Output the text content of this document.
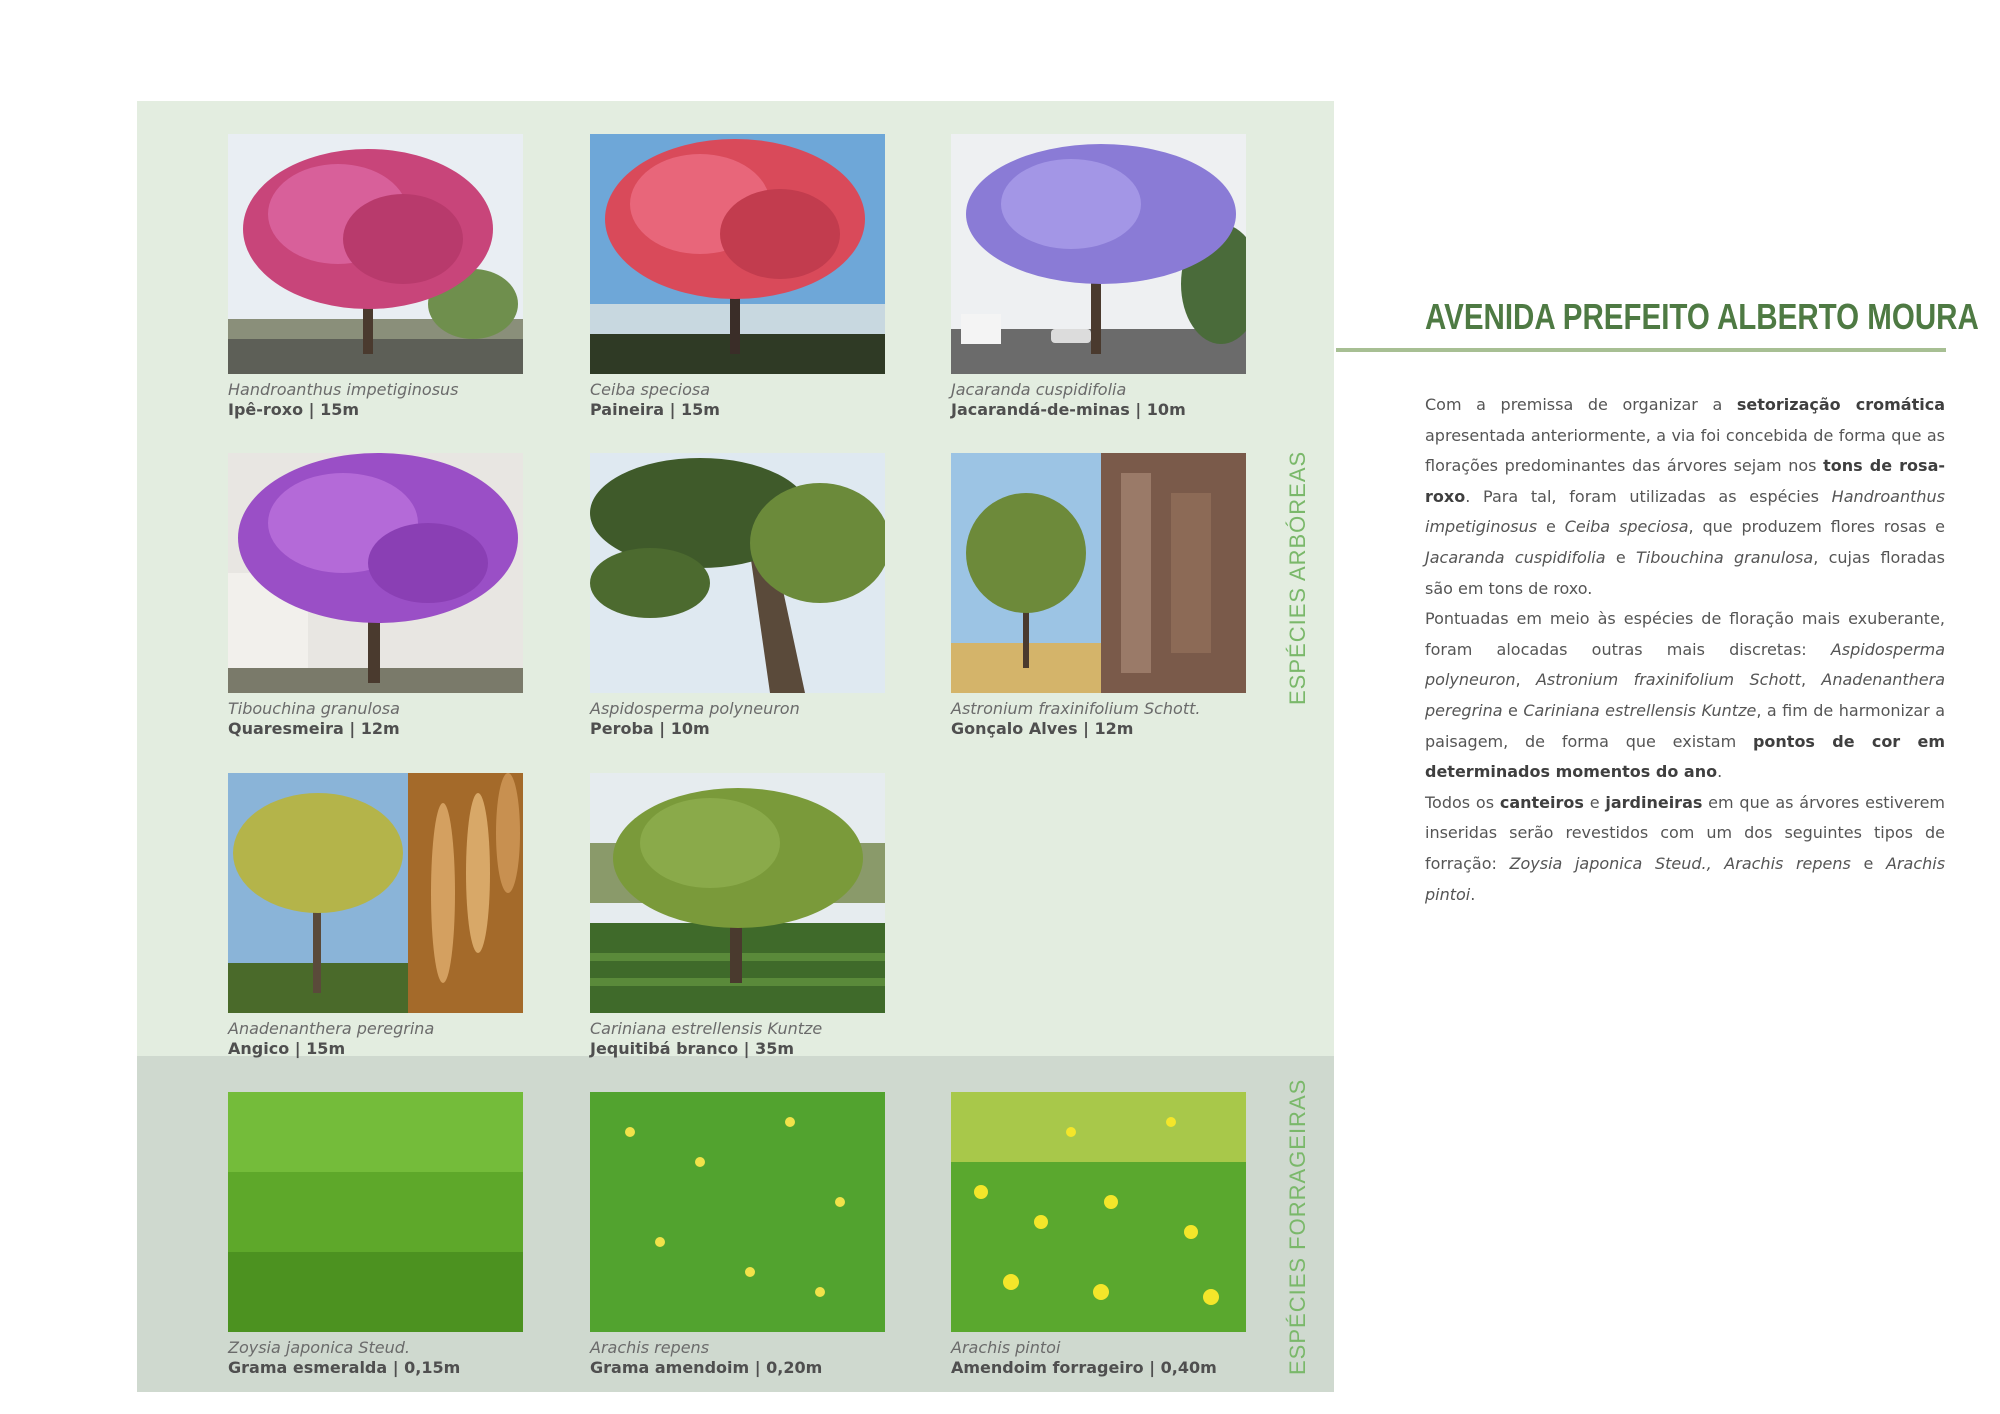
Handroanthus impetiginosus
Ipê-roxo | 15m
Ceiba speciosa
Paineira | 15m
Jacaranda cuspidifolia
Jacarandá-de-minas | 10m
Tibouchina granulosa
Quaresmeira | 12m
Aspidosperma polyneuron
Peroba | 10m
Astronium fraxinifolium Schott.
Gonçalo Alves | 12m
Anadenanthera peregrina
Angico | 15m
Cariniana estrellensis Kuntze
Jequitibá branco | 35m
Zoysia japonica Steud.
Grama esmeralda | 0,15m
Arachis repens
Grama amendoim | 0,20m
Arachis pintoi
Amendoim forrageiro | 0,40m
ESPÉCIES ARBÓREAS
ESPÉCIES FORRAGEIRAS
AVENIDA PREFEITO ALBERTO MOURA

Com a premissa de organizar a setorização cromática apresentada anteriormente, a via foi concebida de forma que as florações predominantes das árvores sejam nos tons de rosa-roxo. Para tal, foram utilizadas as espécies Handroanthus impetiginosus e Ceiba speciosa, que produzem flores rosas e Jacaranda cuspidifolia e Tibouchina granulosa, cujas floradas são em tons de roxo.

Pontuadas em meio às espécies de floração mais exuberante, foram alocadas outras mais discretas: Aspidosperma polyneuron, Astronium fraxinifolium Schott, Anadenanthera peregrina e Cariniana estrellensis Kuntze, a fim de harmonizar a paisagem, de forma que existam pontos de cor em determinados momentos do ano.

Todos os canteiros e jardineiras em que as árvores estiverem inseridas serão revestidos com um dos seguintes tipos de forração: Zoysia japonica Steud., Arachis repens e Arachis pintoi.
